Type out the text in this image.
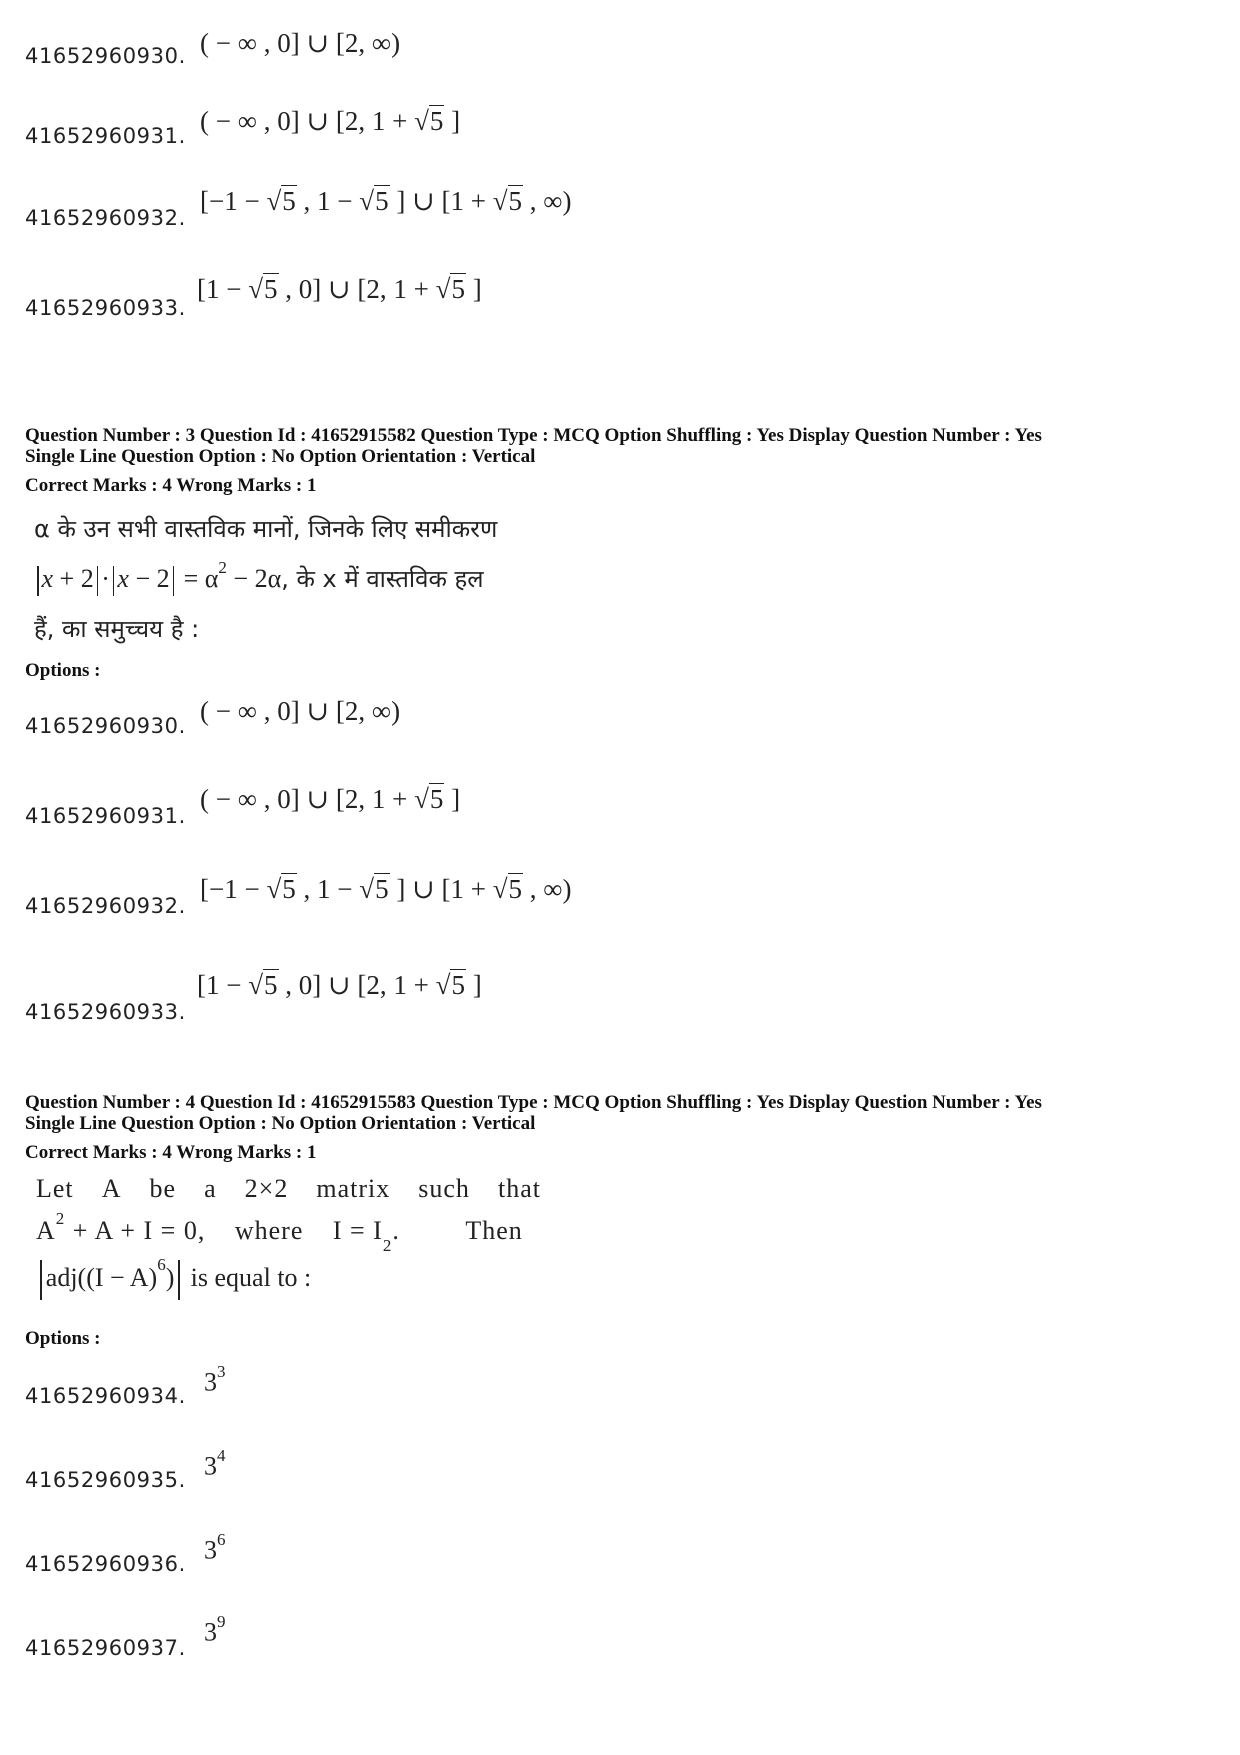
41652960930. ( − ∞ , 0] ∪ [2, ∞)
41652960931. ( − ∞ , 0] ∪ [2, 1 + √5 ]
41652960932.
[−1 − √5 , 1 − √5 ] ∪ [1 + √5 , ∞)
41652960933.
[1 − √5 , 0] ∪ [2, 1 + √5 ]
Question Number : 3 Question Id : 41652915582 Question Type : MCQ Option Shuffling : Yes Display Question Number : Yes
Single Line Question Option : No Option Orientation : Vertical
Correct Marks : 4 Wrong Marks : 1
α के उन सभी वास्तविक मानों, जिनके लिए समीकरण
$x + 2 \cdot x - 2 = \alpha^2 - 2\alpha$, के x में वास्तविक हल
हैं, का समुच्चय है :
Options :
41652960930. ( − ∞ , 0] ∪ [2, ∞)
41652960931.
( − ∞ , 0] ∪ [2, 1 + √5 ]
41652960932.
[−1 − √5 , 1 − √5 ] ∪ [1 + √5 , ∞)
41652960933.
[1 − √5 , 0] ∪ [2, 1 + √5 ]
Question Number : 4 Question Id : 41652915583 Question Type : MCQ Option Shuffling : Yes Display Question Number : Yes
Single Line Question Option : No Option Orientation : Vertical
Correct Marks : 4 Wrong Marks : 1
Let A be a 2×2 matrix such that
$A^2 + A + I = 0$, where $I = I_2$.	Then
$adj((I - A)^6)$ is equal to :
Options :
41652960934. $3^3$
41652960935. $3^4$
41652960936. $3^6$
41652960937.
$3^9$
